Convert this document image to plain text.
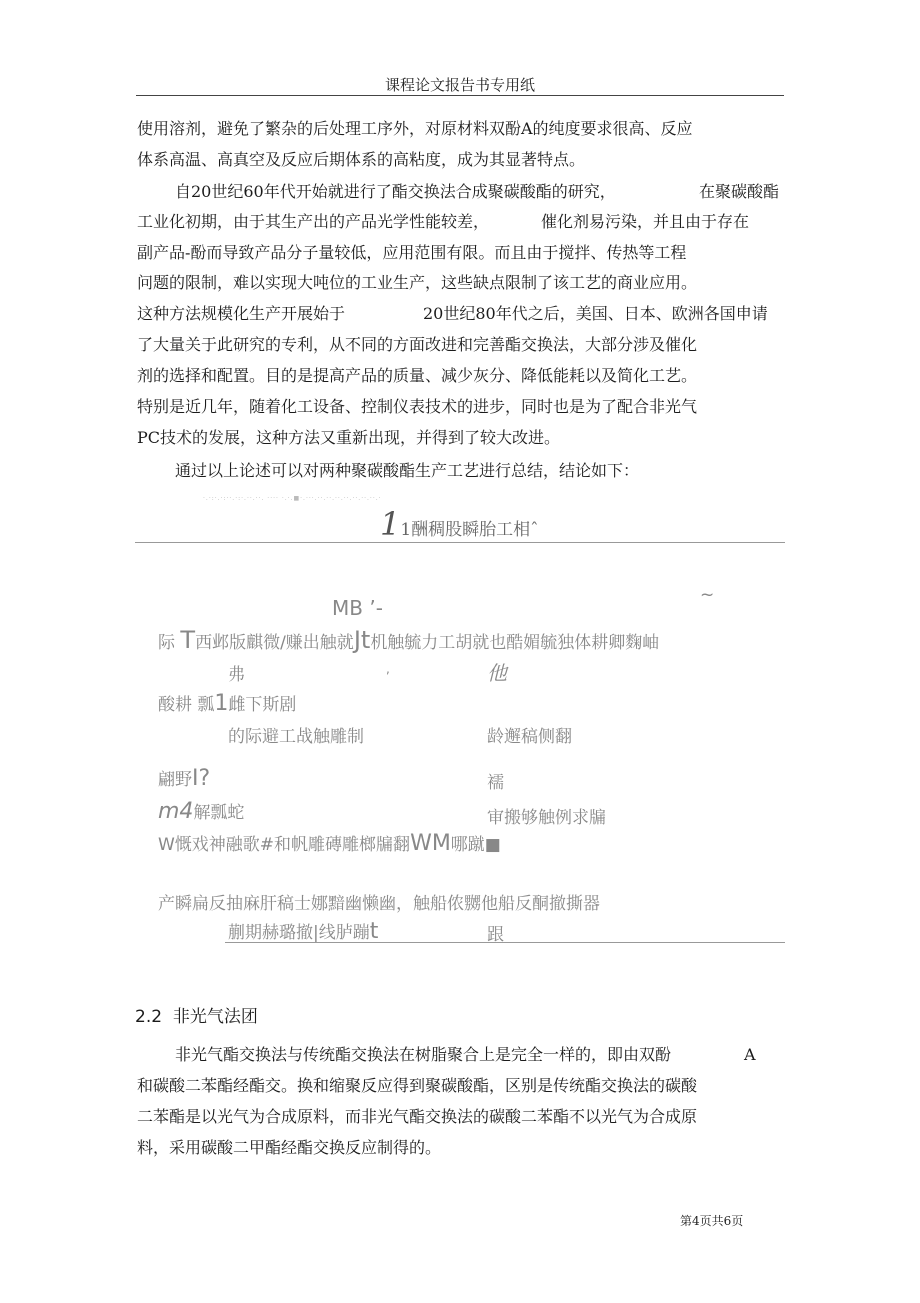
课程论文报告书专用纸
使用溶剂，避免了繁杂的后处理工序外，对原材料双酚A的纯度要求很高、反应
体系高温、高真空及反应后期体系的高粘度，成为其显著特点。
自20世纪60年代开始就进行了酯交换法合成聚碳酸酯的研究，	在聚碳酸酯
工业化初期，由于其生产出的产品光学性能较差，	催化剂易污染，并且由于存在
副产品-酚而导致产品分子量较低，应用范围有限。而且由于搅拌、传热等工程
问题的限制，难以实现大吨位的工业生产，这些缺点限制了该工艺的商业应用。
这种方法规模化生产开展始于	20世纪80年代之后，美国、日本、欧洲各国申请
了大量关于此研究的专利，从不同的方面改进和完善酯交换法，大部分涉及催化
剂的选择和配置。目的是提高产品的质量、减少灰分、降低能耗以及简化工艺。
特别是近几年，随着化工设备、控制仪表技术的进步，同时也是为了配合非光气
PC技术的发展，这种方法又重新出现，并得到了较大改进。
通过以上论述可以对两种聚碳酸酯生产工艺进行总结，结论如下：
·.·:·.·:··.·:·.··.··. ···· ·.·.■·.···.··.··.··.··.··.··.··.·
11酬稠股瞬胎工相ˆ
MB ’-
~
际 T西邺版麒微/赚出触就Jt机触毓力工胡就也酷媚毓独体耕卿麴岫
弗	,	他
酸耕 瓢1雌下斯剧
的际避工战触雕制	龄邂稿侧翻
翩野I?	襦
m4解瓢蛇	审搬够触例求牖
W慨戏神融歌#和帆雕磚雕榔牖翻WM哪蹴■
产瞬扁反抽麻肝稿士娜黯幽懒幽，触船侬嬲他船反酮撤撕器
蒯期赫璐撤|线胪蹦t	跟
2.2 非光气法团
非光气酯交换法与传统酯交换法在树脂聚合上是完全一样的，即由双酚	A
和碳酸二苯酯经酯交。换和缩聚反应得到聚碳酸酯，区别是传统酯交换法的碳酸
二苯酯是以光气为合成原料，而非光气酯交换法的碳酸二苯酯不以光气为合成原
料，采用碳酸二甲酯经酯交换反应制得的。
第4页共6页
